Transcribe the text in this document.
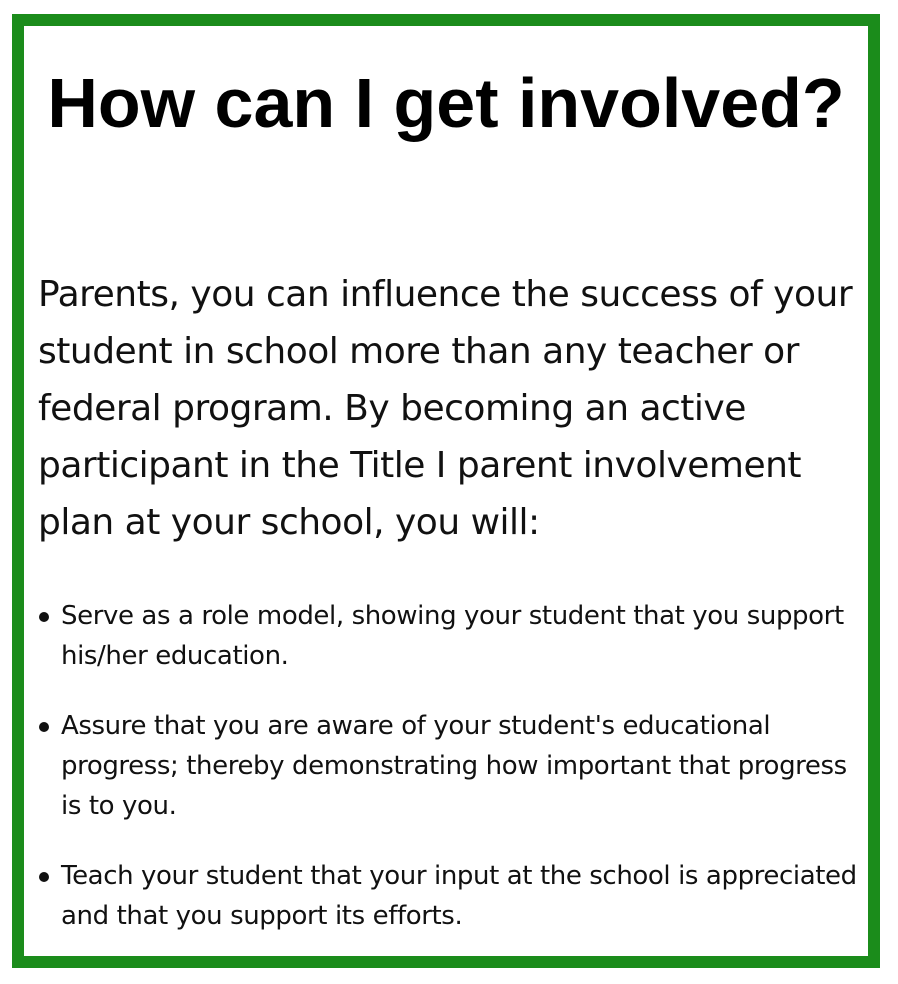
How can I get involved?

Parents, you can influence the success of your student in school more than any teacher or federal program. By becoming an active participant in the Title I parent involvement plan at your school, you will:

Serve as a role model, showing your student that you support his/her education.
Assure that you are aware of your student's educational progress; thereby demonstrating how important that progress is to you.
Teach your student that your input at the school is appreciated and that you support its efforts.
